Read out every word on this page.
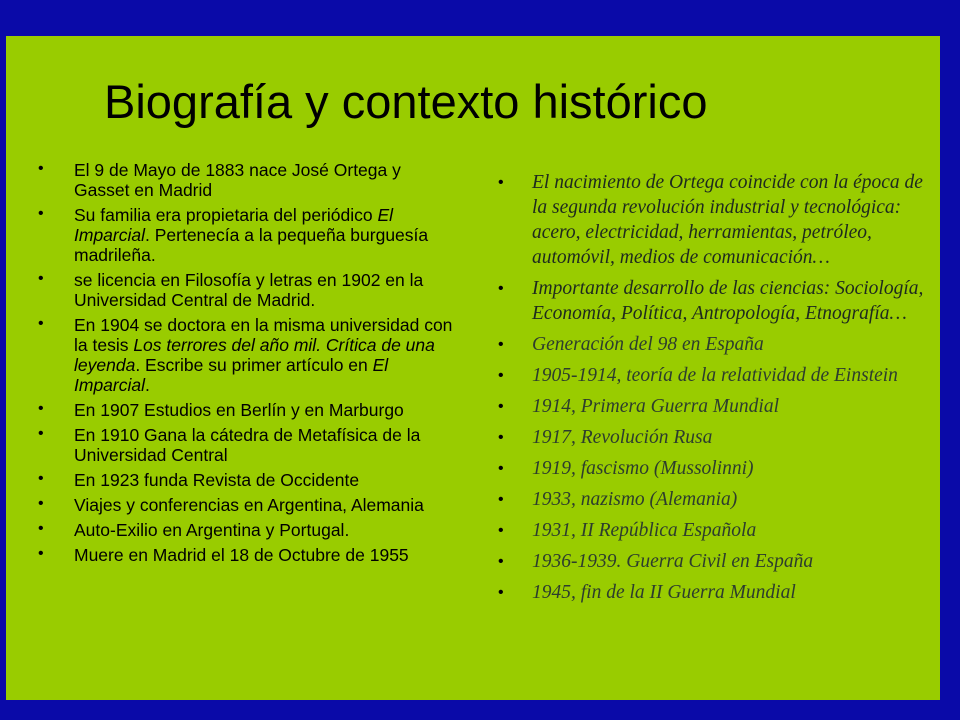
Biografía y contexto histórico
• El 9 de Mayo de 1883 nace José Ortega y Gasset en Madrid
• Su familia era propietaria del periódico El Imparcial. Pertenecía a la pequeña burguesía madrileña.
• se licencia en Filosofía y letras en 1902 en la Universidad Central de Madrid.
• En 1904 se doctora en la misma universidad con la tesis Los terrores del año mil. Crítica de una leyenda. Escribe su primer artículo en El Imparcial.
• En 1907 Estudios en Berlín y en Marburgo
• En 1910 Gana la cátedra de Metafísica de la Universidad Central
• En 1923 funda Revista de Occidente
• Viajes y conferencias en Argentina, Alemania
• Auto-Exilio en Argentina y Portugal.
• Muere en Madrid el 18 de Octubre de 1955
• El nacimiento de Ortega coincide con la época de la segunda revolución industrial y tecnológica: acero, electricidad, herramientas, petróleo, automóvil, medios de comunicación…
• Importante desarrollo de las ciencias: Sociología, Economía, Política, Antropología, Etnografía…
• Generación del 98 en España
• 1905-1914, teoría de la relatividad de Einstein
• 1914, Primera Guerra Mundial
• 1917, Revolución Rusa
• 1919, fascismo (Mussolinni)
• 1933, nazismo (Alemania)
• 1931, II República Española
• 1936-1939. Guerra Civil en España
• 1945, fin de la II Guerra Mundial
